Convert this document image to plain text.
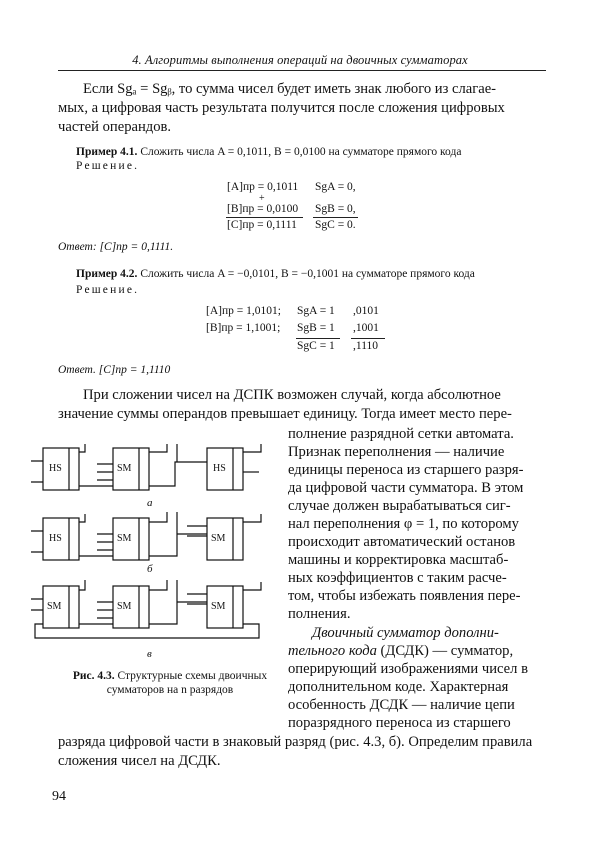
4. Алгоритмы выполнения операций на двоичных сумматорах
Если Sgₐ = Sgᵦ, то сумма чисел будет иметь знак любого из слагае-
мых, а цифровая часть результата получится после сложения цифровых
частей операндов.
Пример 4.1. Сложить числа A = 0,1011, B = 0,0100 на сумматоре прямого кода
Решение.
[A]пр = 0,1011 SgA = 0,
+
[B]пр = 0,0100 SgB = 0,
[C]пр = 0,1111 SgC = 0.
Ответ: [C]пр = 0,1111.
Пример 4.2. Сложить числа A = −0,0101, B = −0,1001 на сумматоре прямого кода
Решение.
[A]пр = 1,0101; SgA = 1 ,0101
[B]пр = 1,1001; SgB = 1 ,1001
SgC = 1 ,1110
Ответ. [C]пр = 1,1110
При сложении чисел на ДСПК возможен случай, когда абсолютное
значение суммы операндов превышает единицу. Тогда имеет место пере-
полнение разрядной сетки автомата.
Признак переполнения — наличие
единицы переноса из старшего разря-
да цифровой части сумматора. В этом
случае должен вырабатываться сиг-
нал переполнения φ = 1, по которому
происходит автоматический останов
машины и корректировка масштаб-
ных коэффициентов с таким расче-
том, чтобы избежать появления пере-
полнения.
Двоичный сумматор дополни-
тельного кода (ДСДК) — сумматор,
оперирующий изображениями чисел в
дополнительном коде. Характерная
особенность ДСДК — наличие цепи
поразрядного переноса из старшего
разряда цифровой части в знаковый разряд (рис. 4.3, б). Определим правила
сложения чисел на ДСДК.
HS	SM	HS
HS	SM	SM
SM	SM	SM
а
б
в
Рис. 4.3. Структурные схемы двоичных
сумматоров на n разрядов
94
